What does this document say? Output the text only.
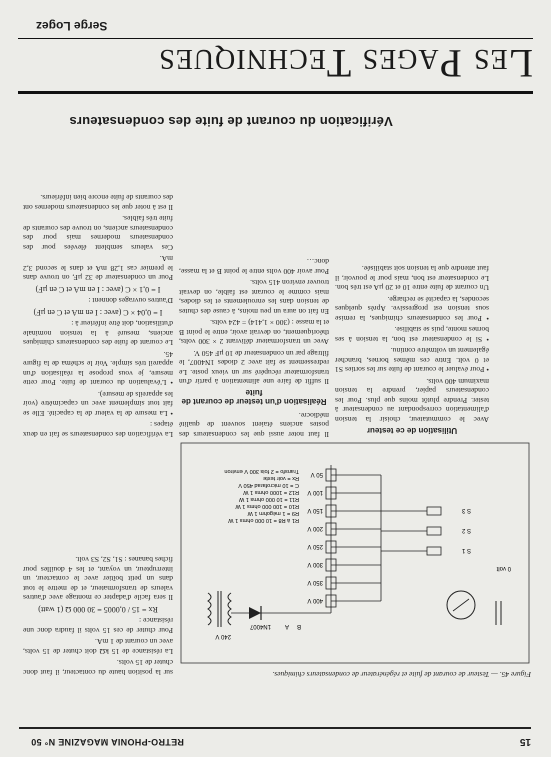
15
RETRO-PHONIA MAGAZINE N° 50
Les Pages Techniques
Serge Logez
Vérification du courant de fuite des condensateurs

La vérification des condensateurs se fait en deux étapes :

• La mesure de la valeur de la capacité. Elle se fait tout simplement avec un capacimètre (voir les appareils de mesure).

• L'évaluation du courant de fuite. Pour cette mesure, je vous propose la réalisation d'un appareil très simple. Voir le schéma de la figure 45.

Le courant de fuite des condensateurs chimiques anciens, mesuré à la tension nominale d'utilisation, doit être inférieur à :

I = 0,04 × C (avec : I en mA et C en µF)

D'autres ouvrages donnent :

I = 0,1 × C (avec : I en mA et C en µF)

Pour un condensateur de 32 µF, on trouve dans le premier cas 1,28 mA et dans le second 3,2 mA.

Ces valeurs semblent élevées pour des condensateurs modernes mais pour des condensateurs anciens, on trouve des courants de fuite très faibles.

Il est à noter que les condensateurs modernes ont des courants de fuite encore bien inférieurs.

Il faut noter aussi que les condensateurs des postes anciens étaient souvent de qualité médiocre.

Réalisation d'un testeur de courant de fuite

Il suffit de faire une alimentation à partir d'un transformateur récupéré sur un vieux poste. Le redressement se fait avec 2 diodes 1N4007, le filtrage par un condensateur de 10 µF 450 V.

Avec un transformateur délivrant 2 × 300 volts, théoriquement, on devrait avoir, entre le point B et la masse : (300 × 1,414) = 424 volts.

En fait on aura un peu moins, à cause des chutes de tension dans les enroulements et les diodes, mais comme le courant est faible, on devrait trouver environ 415 volts.

Pour avoir 400 volts entre le point B et la masse, donc…

Utilisation de ce testeur

Avec le commutateur, choisir la tension d'alimentation correspondant au condensateur à tester. Prendre plutôt moins que plus. Pour les condensateurs papier, prendre la tension maximum 400 volts.

• Pour évaluer le courant de fuite sur les sorties S1 et 0 volt. Entre ces mêmes bornes, brancher également un voltmètre continu.

• Si le condensateur est bon, la tension à ses bornes monte, puis se stabilise.

• Pour les condensateurs chimiques, la remise sous tension est progressive. Après quelques secondes, la capacité se recharge.

Un courant de fuite entre 10 et 20 µA est très bon. Le condensateur est bon, mais pour le pouvoir, il faut attendre que la tension soit stabilisée.

sur la position haute du contacteur, il faut donc chuter de 15 volts.

La résistance de 15 kΩ doit chuter de 15 volts, avec un courant de 1 mA.

Pour chuter de ces 15 volts il faudra donc une résistance :

Rx = 15 / 0,0005 = 30 000 Ω (1 watt)

Il sera facile d'adapter ce montage avec d'autres valeurs de transformateur, et de mettre le tout dans un petit boîtier avec le contacteur, un interrupteur, un voyant, et les 4 douilles pour fiches bananes : S1, S2, S3 volt.

240 V
1N4007 A B
400 V
350 V
300 V
250 V
200 V
150 V
100 V
50 V
S 1
S 2
S 3
0 volt
R1 à R8 = 10 000 ohms 1 W
R9 = 1 mégohm 1 W
R10 = 100 000 ohms 1 W
R11 = 10 000 ohms 1 W
R12 = 1000 ohms 1 W
C = 10 microfarad 450 V
Rx = voir texte
Transfo = 2 fois 300 V environ
Figure 45. — Testeur de courant de fuite et régénérateur de condensateurs chimiques.
